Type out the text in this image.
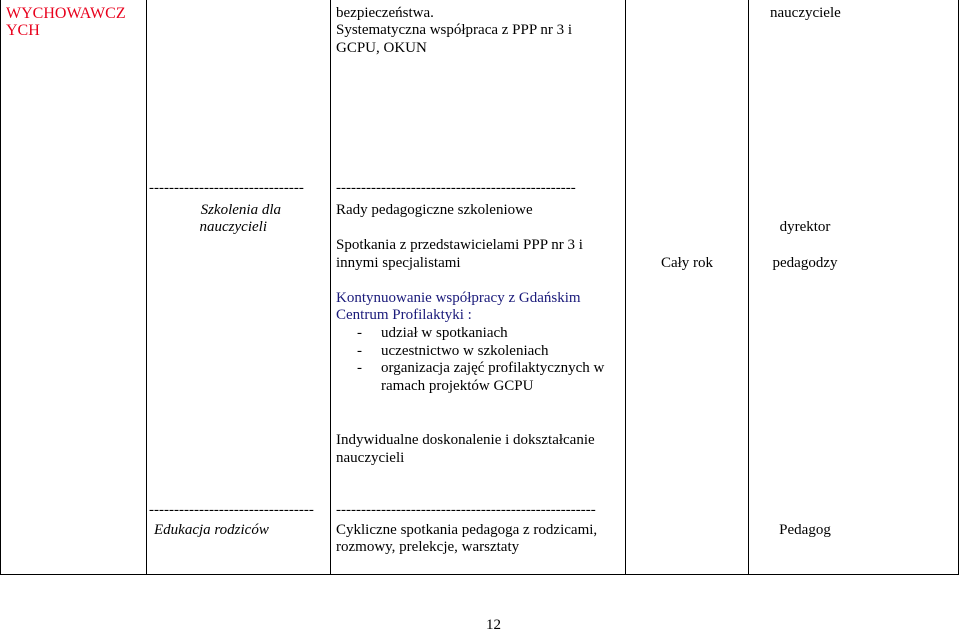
WYCHOWAWCZ
YCH
bezpieczeństwa.
Systematyczna współpraca z PPP nr 3 i
GCPU, OKUN
nauczyciele
------------------------------- ------------------------------------------------
Szkolenia dla
nauczycieli
Rady pedagogiczne szkoleniowe
Spotkania z przedstawicielami PPP nr 3 i
innymi specjalistami	Cały rok
dyrektor
pedagodzy
Kontynuowanie współpracy z Gdańskim
Centrum Profilaktyki :
- udział w spotkaniach
- uczestnictwo w szkoleniach
- organizacja zajęć profilaktycznych w
ramach projektów GCPU
Indywidualne doskonalenie i dokształcanie
nauczycieli
--------------------------------- ----------------------------------------------------
Edukacja rodziców	Cykliczne spotkania pedagoga z rodzicami,
rozmowy, prelekcje, warsztaty
Pedagog
12
